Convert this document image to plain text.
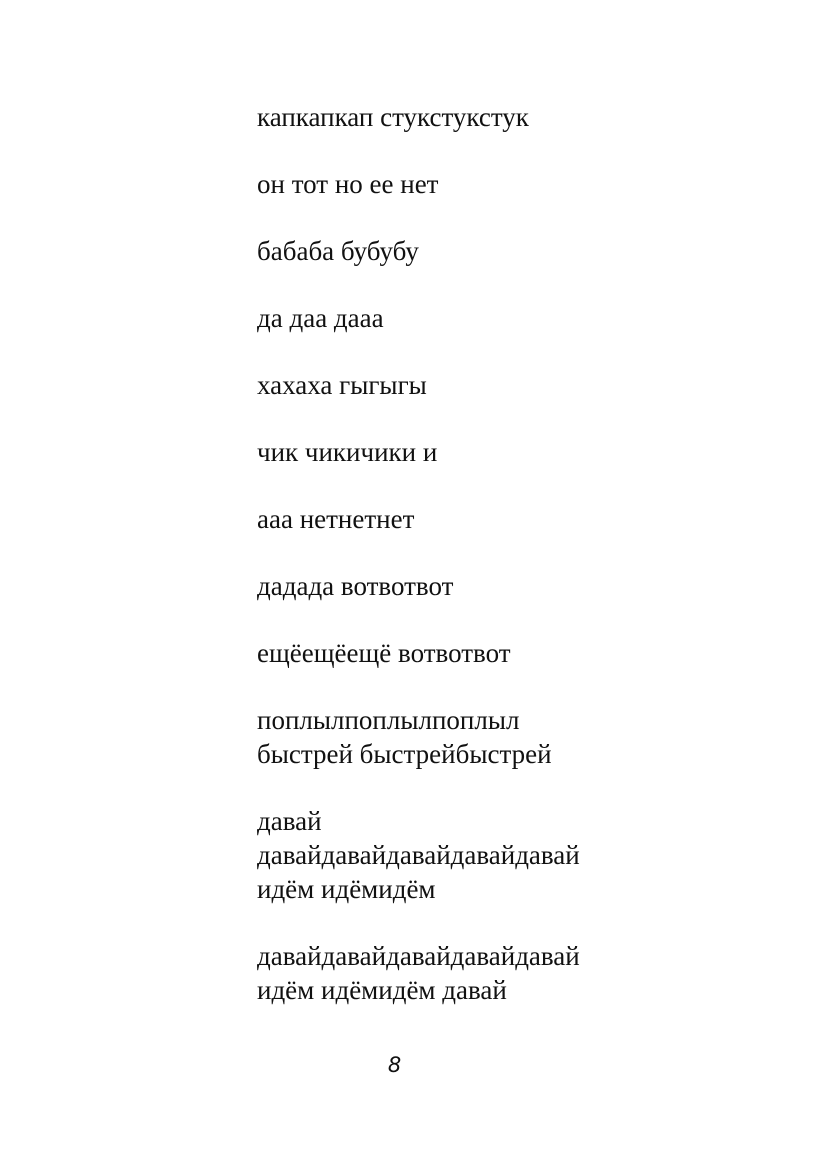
капкапкап стукстукстук
он тот но ее нет
бабаба бубубу
да даа дааа
хахаха гыгыгы
чик чикичики и
ааа нетнетнет
дадада вотвотвот
ещёещёещё вотвотвот
поплылпоплылпоплыл
быстрей быстрейбыстрей
давай
давайдавайдавайдавайдавай
идём идёмидём
давайдавайдавайдавайдавай
идём идёмидём давай
8
